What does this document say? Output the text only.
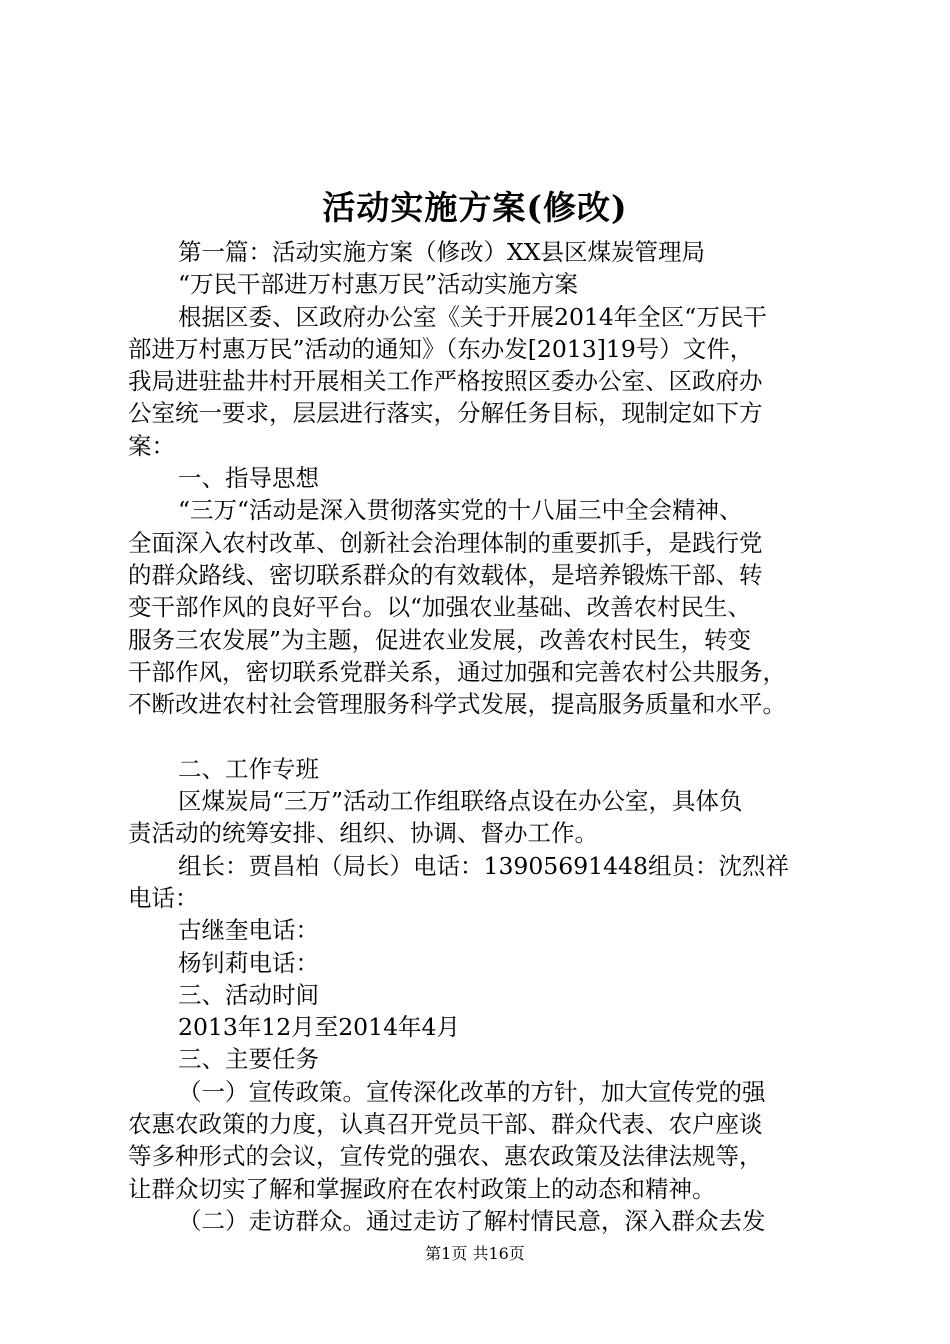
活动实施方案(修改)

第一篇：活动实施方案（修改）XX县区煤炭管理局

“万民干部进万村惠万民”活动实施方案

根据区委、区政府办公室《关于开展2014年全区“万民干

部进万村惠万民”活动的通知》（东办发[2013]19号）文件，

我局进驻盐井村开展相关工作严格按照区委办公室、区政府办

公室统一要求，层层进行落实，分解任务目标，现制定如下方

案：

一、指导思想

“三万“活动是深入贯彻落实党的十八届三中全会精神、

全面深入农村改革、创新社会治理体制的重要抓手，是践行党

的群众路线、密切联系群众的有效载体，是培养锻炼干部、转

变干部作风的良好平台。以“加强农业基础、改善农村民生、

服务三农发展”为主题，促进农业发展，改善农村民生，转变

干部作风，密切联系党群关系，通过加强和完善农村公共服务，

不断改进农村社会管理服务科学式发展，提高服务质量和水平。

二、工作专班

区煤炭局“三万”活动工作组联络点设在办公室，具体负

责活动的统筹安排、组织、协调、督办工作。

组长：贾昌柏（局长）电话：13905691448组员：沈烈祥

电话：

古继奎电话：

杨钊莉电话：

三、活动时间

2013年12月至2014年4月

三、主要任务

（一）宣传政策。宣传深化改革的方针，加大宣传党的强

农惠农政策的力度，认真召开党员干部、群众代表、农户座谈

等多种形式的会议，宣传党的强农、惠农政策及法律法规等，

让群众切实了解和掌握政府在农村政策上的动态和精神。

（二）走访群众。通过走访了解村情民意，深入群众去发

第1页 共16页
